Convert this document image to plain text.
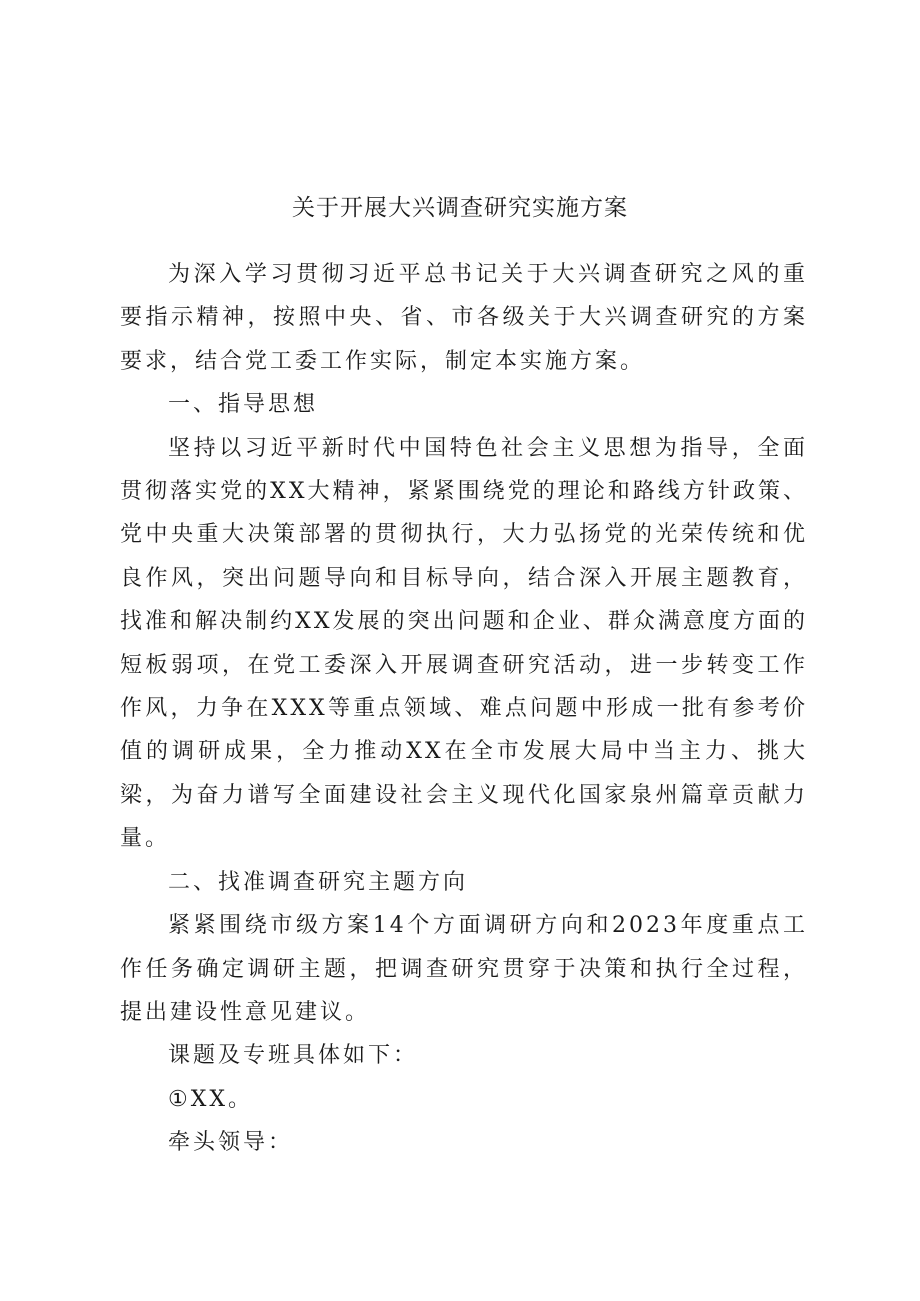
关于开展大兴调查研究实施方案

为深入学习贯彻习近平总书记关于大兴调查研究之风的重要指示精神，按照中央、省、市各级关于大兴调查研究的方案要求，结合党工委工作实际，制定本实施方案。

一、指导思想

坚持以习近平新时代中国特色社会主义思想为指导，全面贯彻落实党的XX大精神，紧紧围绕党的理论和路线方针政策、党中央重大决策部署的贯彻执行，大力弘扬党的光荣传统和优良作风，突出问题导向和目标导向，结合深入开展主题教育，找准和解决制约XX发展的突出问题和企业、群众满意度方面的短板弱项，在党工委深入开展调查研究活动，进一步转变工作作风，力争在XXX等重点领域、难点问题中形成一批有参考价值的调研成果，全力推动XX在全市发展大局中当主力、挑大梁，为奋力谱写全面建设社会主义现代化国家泉州篇章贡献力量。

二、找准调查研究主题方向

紧紧围绕市级方案14个方面调研方向和2023年度重点工作任务确定调研主题，把调查研究贯穿于决策和执行全过程，提出建设性意见建议。

课题及专班具体如下：

①XX。

牵头领导：
